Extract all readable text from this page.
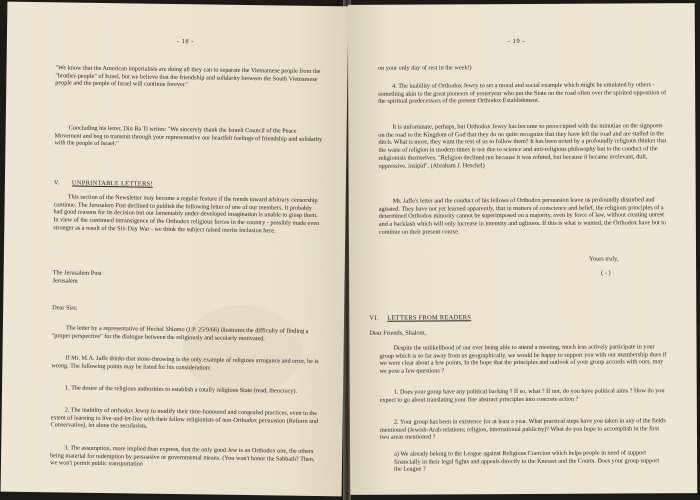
- 18 -

"We know that the American imperialists are doing all they can to separate the Vietnamese people from the "brother-people" of Israel, but we believe that the friendship and solidarity between the South Vietnamese people and the people of Israel will continue forever."

Concluding his letter, Din Ba Ti writes: "We sincerely thank the Israeli Council of the Peace Movement and beg to transmit through your representative our heartfelt feelings of friendship and solidarity with the people of Israel."

V. UNPRINTABLE LETTERS!

This section of the Newsletter may become a regular feature if the trends toward arbitrary censorship continue. The Jerusalem Post declined to publish the following letter of one of our members. It probably had good reasons for its decision but our lamentably under-developed imagination is unable to grasp them. In view of the continued intransigence of the Orthodox religious forces in the country - possibly made even stronger as a result of the Six-Day War - we think the subject raised merits inclusion here.

The Jerusalem Post
Jerusalem
Dear Sirs:

The letter by a representative of Hechal Shlomo (J.P. 25/9/66) illustrates the difficulty of finding a "proper perspective" for the dialogue between the religiously and secularly motivated.

If Mr. M.A. Jaffe thinks that stone-throwing is the only example of religious arrogance and error, he is wrong. The following points may be listed for his consideration:

1. The desire of the religious authorities to establish a totally religious State (read, theocracy).

2. The inability of orthodox Jewry to modify their time-honoured and congealed practices, even to the extent of learning to live-and-let-live with their fellow religionists of non-Orthodox persuasion (Reform and Conservative), let alone the secularists.

3. The assumption, more implied than express, that the only good Jew is an Orthodox one, the others being material for redemption by persuasive or governmental means. (You won't honor the Sabbath? Then, we won't permit public transportation

- 19 -

on your only day of rest in the week!)

4. The inability of Orthodox Jewry to set a moral and social example which might be emulated by others - something akin to the great pioneers of yesteryear who put the State on the road often over the spirited opposition of the spiritual predecessors of the present Orthodox Establishment.

It is unfortunate, perhaps, but Orthodox Jewry has become so preoccupied with the minutiae on the signposts on the road to the Kingdom of God that they do no quite recognize that they have left the road and are stalled in the ditch. What is more, they want the rest of us to follow them? It has been noted by a profoundly religious thinker that the wane of religion in modern times is not due to science and anti-religious philosophy but to the conduct of the religionists themselves. "Religion declined not because it was refuted, but because it became irrelevant, dull, oppressive, insipid". (Abraham J. Heschel)

Mr. Jaffe's letter and the conduct of his fellows of Orthodox persuasion leave us profoundly disturbed and agitated. They have not yet learned apparently, that in matters of conscience and belief, the religious principles of a determined Orthodox minority cannot be superimposed on a majority, even by force of law, without creating unrest and a backlash which will only increase in intensity and ugliness. If this is what is wanted, the Orthodox have but to continue on their present course.

Yours truly,
( - )
VI. LETTERS FROM READERS
Dear Friends, Shalom,

Despite the unlikelihood of our ever being able to attend a meeting, much less actively participate in your group which is so far away from us geographically, we would be happy to support you with our membership dues if we were clear about a few points. In the hope that the principles and outlook of your group accords with ours, may we pose a few questions ?

1. Does your group have any political backing ? If so, what ? If not, do you have political aims ? How do you expect to go about translating your fine abstract principles into concrete action ?

2. Your group has been in existence for at least a year. What practical steps have you taken in any of the fields mentioned (Jewish-Arab relations; religion, international publicity)? What do you hope to accomplish in the first two areas mentioned ?

a) We already belong to the League against Religious Coercion which helps people in need of support financially in their legal fights and appeals directly to the Knesset and the Courts. Does your group support the League ?
